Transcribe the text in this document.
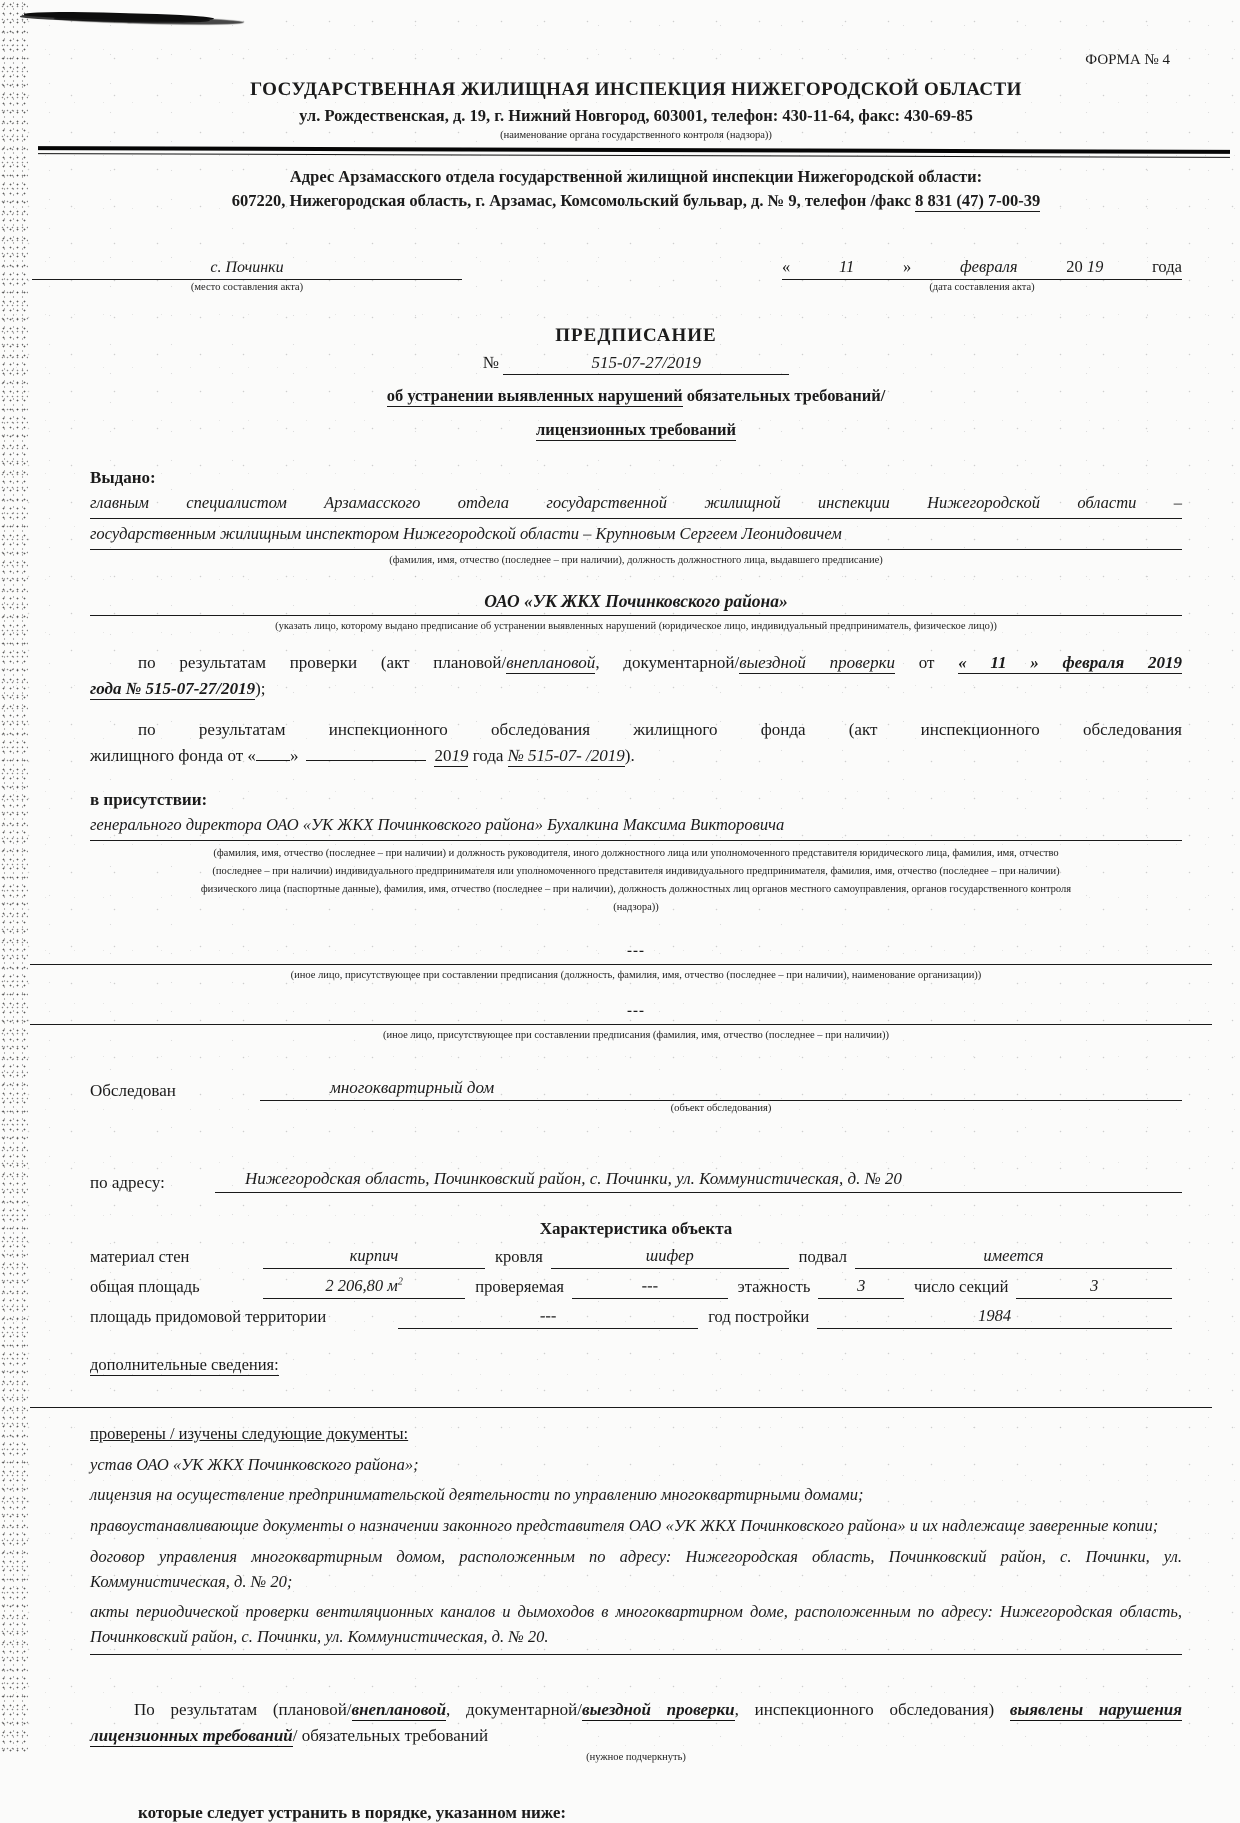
ФОРМА № 4
ГОСУДАРСТВЕННАЯ ЖИЛИЩНАЯ ИНСПЕКЦИЯ НИЖЕГОРОДСКОЙ ОБЛАСТИ
ул. Рождественская, д. 19, г. Нижний Новгород, 603001, телефон: 430-11-64, факс: 430-69-85
(наименование органа государственного контроля (надзора))
Адрес Арзамасского отдела государственной жилищной инспекции Нижегородской области:
607220, Нижегородская область, г. Арзамас, Комсомольский бульвар, д. № 9, телефон /факс 8 831 (47) 7-00-39
с. Починки
(место составления акта)
«	11	»	февраля	20 19	года
(дата составления акта)
ПРЕДПИСАНИЕ
№	515-07-27/2019
об устранении выявленных нарушений обязательных требований/
лицензионных требований
Выдано:
главным специалистом Арзамасского отдела государственной жилищной инспекции Нижегородской области –
государственным жилищным инспектором Нижегородской области – Крупновым Сергеем Леонидовичем
(фамилия, имя, отчество (последнее – при наличии), должность должностного лица, выдавшего предписание)
ОАО «УК ЖКХ Починковского района»
(указать лицо, которому выдано предписание об устранении выявленных нарушений (юридическое лицо, индивидуальный предприниматель, физическое лицо))
по результатам проверки (акт плановой/внеплановой, документарной/выездной проверки от « 11 » февраля 2019
года № 515-07-27/2019);
по результатам инспекционного обследования жилищного фонда (акт инспекционного обследования
жилищного фонда от « »	2019 года № 515-07- /2019).
в присутствии:
генерального директора ОАО «УК ЖКХ Починковского района» Бухалкина Максима Викторовича
(фамилия, имя, отчество (последнее – при наличии) и должность руководителя, иного должностного лица или уполномоченного представителя юридического лица, фамилия, имя, отчество
(последнее – при наличии) индивидуального предпринимателя или уполномоченного представителя индивидуального предпринимателя, фамилия, имя, отчество (последнее – при наличии)
физического лица (паспортные данные), фамилия, имя, отчество (последнее – при наличии), должность должностных лиц органов местного самоуправления, органов государственного контроля
(надзора))
---
(иное лицо, присутствующее при составлении предписания (должность, фамилия, имя, отчество (последнее – при наличии), наименование организации))
---
(иное лицо, присутствующее при составлении предписания (фамилия, имя, отчество (последнее – при наличии))
Обследован	многоквартирный дом
(объект обследования)
по адресу:	Нижегородская область, Починковский район, с. Починки, ул. Коммунистическая, д. № 20
Характеристика объекта
материал стен	кирпич	кровля	шифер	подвал	имеется
общая площадь	2 206,80 $м^2$	проверяемая	---	этажность	3	число секций	3
площадь придомовой территории	---	год постройки	1984
дополнительные сведения:
проверены / изучены следующие документы:
устав ОАО «УК ЖКХ Починковского района»;
лицензия на осуществление предпринимательской деятельности по управлению многоквартирными домами;
правоустанавливающие документы о назначении законного представителя ОАО «УК ЖКХ Починковского района» и их надлежаще заверенные копии;
договор управления многоквартирным домом, расположенным по адресу: Нижегородская область, Починковский район, с. Починки, ул. Коммунистическая, д. № 20;
акты периодической проверки вентиляционных каналов и дымоходов в многоквартирном доме, расположенным по адресу: Нижегородская область, Починковский район, с. Починки, ул. Коммунистическая, д. № 20.
По результатам (плановой/внеплановой, документарной/выездной проверки, инспекционного обследования) выявлены нарушения лицензионных требований/ обязательных требований
(нужное подчеркнуть)
которые следует устранить в порядке, указанном ниже:
